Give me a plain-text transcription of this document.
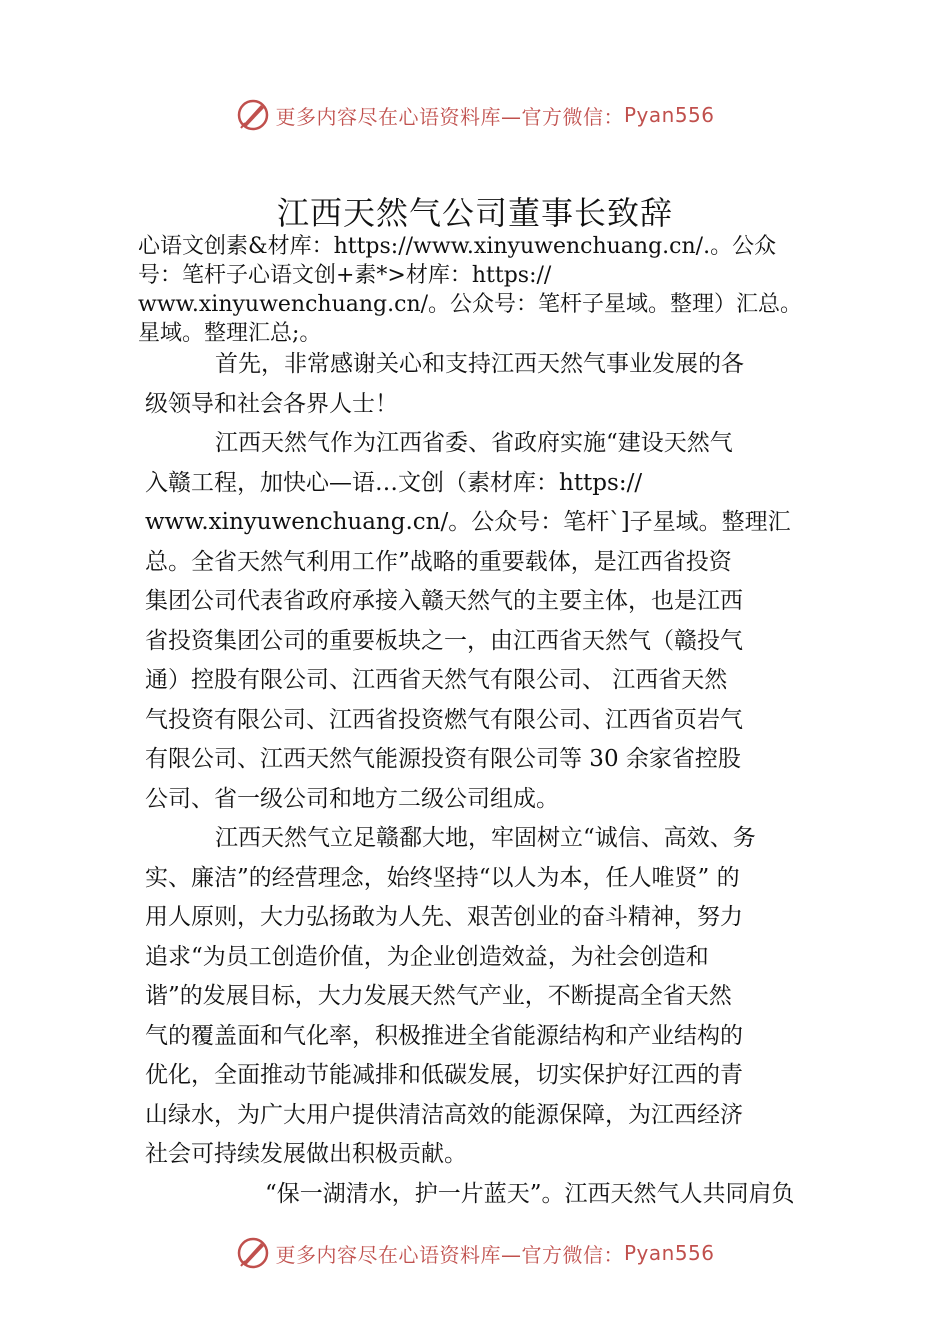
更多内容尽在心语资料库—官方微信： Pyan556
江西天然气公司董事长致辞
心语文创素&材库：https://www.xinyuwenchuang.cn/.。公众
号：笔杆子心语文创+素*>材库：https://
www.xinyuwenchuang.cn/。公众号：笔杆子星域。整理）汇总。
星域。整理汇总;。
首先，非常感谢关心和支持江西天然气事业发展的各
级领导和社会各界人士！
江西天然气作为江西省委、省政府实施“建设天然气
入赣工程，加快心—语…文创（素材库：https://
www.xinyuwenchuang.cn/。公众号：笔杆`]子星域。整理汇
总。全省天然气利用工作”战略的重要载体，是江西省投资
集团公司代表省政府承接入赣天然气的主要主体，也是江西
省投资集团公司的重要板块之一，由江西省天然气（赣投气
通）控股有限公司、江西省天然气有限公司、 江西省天然
气投资有限公司、江西省投资燃气有限公司、江西省页岩气
有限公司、江西天然气能源投资有限公司等 30 余家省控股
公司、省一级公司和地方二级公司组成。
江西天然气立足赣鄱大地，牢固树立“诚信、高效、务
实、廉洁”的经营理念，始终坚持“以人为本，任人唯贤” 的
用人原则，大力弘扬敢为人先、艰苦创业的奋斗精神，努力
追求“为员工创造价值，为企业创造效益，为社会创造和
谐”的发展目标，大力发展天然气产业，不断提高全省天然
气的覆盖面和气化率，积极推进全省能源结构和产业结构的
优化，全面推动节能减排和低碳发展，切实保护好江西的青
山绿水，为广大用户提供清洁高效的能源保障，为江西经济
社会可持续发展做出积极贡献。
“保一湖清水，护一片蓝天”。江西天然气人共同肩负
更多内容尽在心语资料库—官方微信： Pyan556
